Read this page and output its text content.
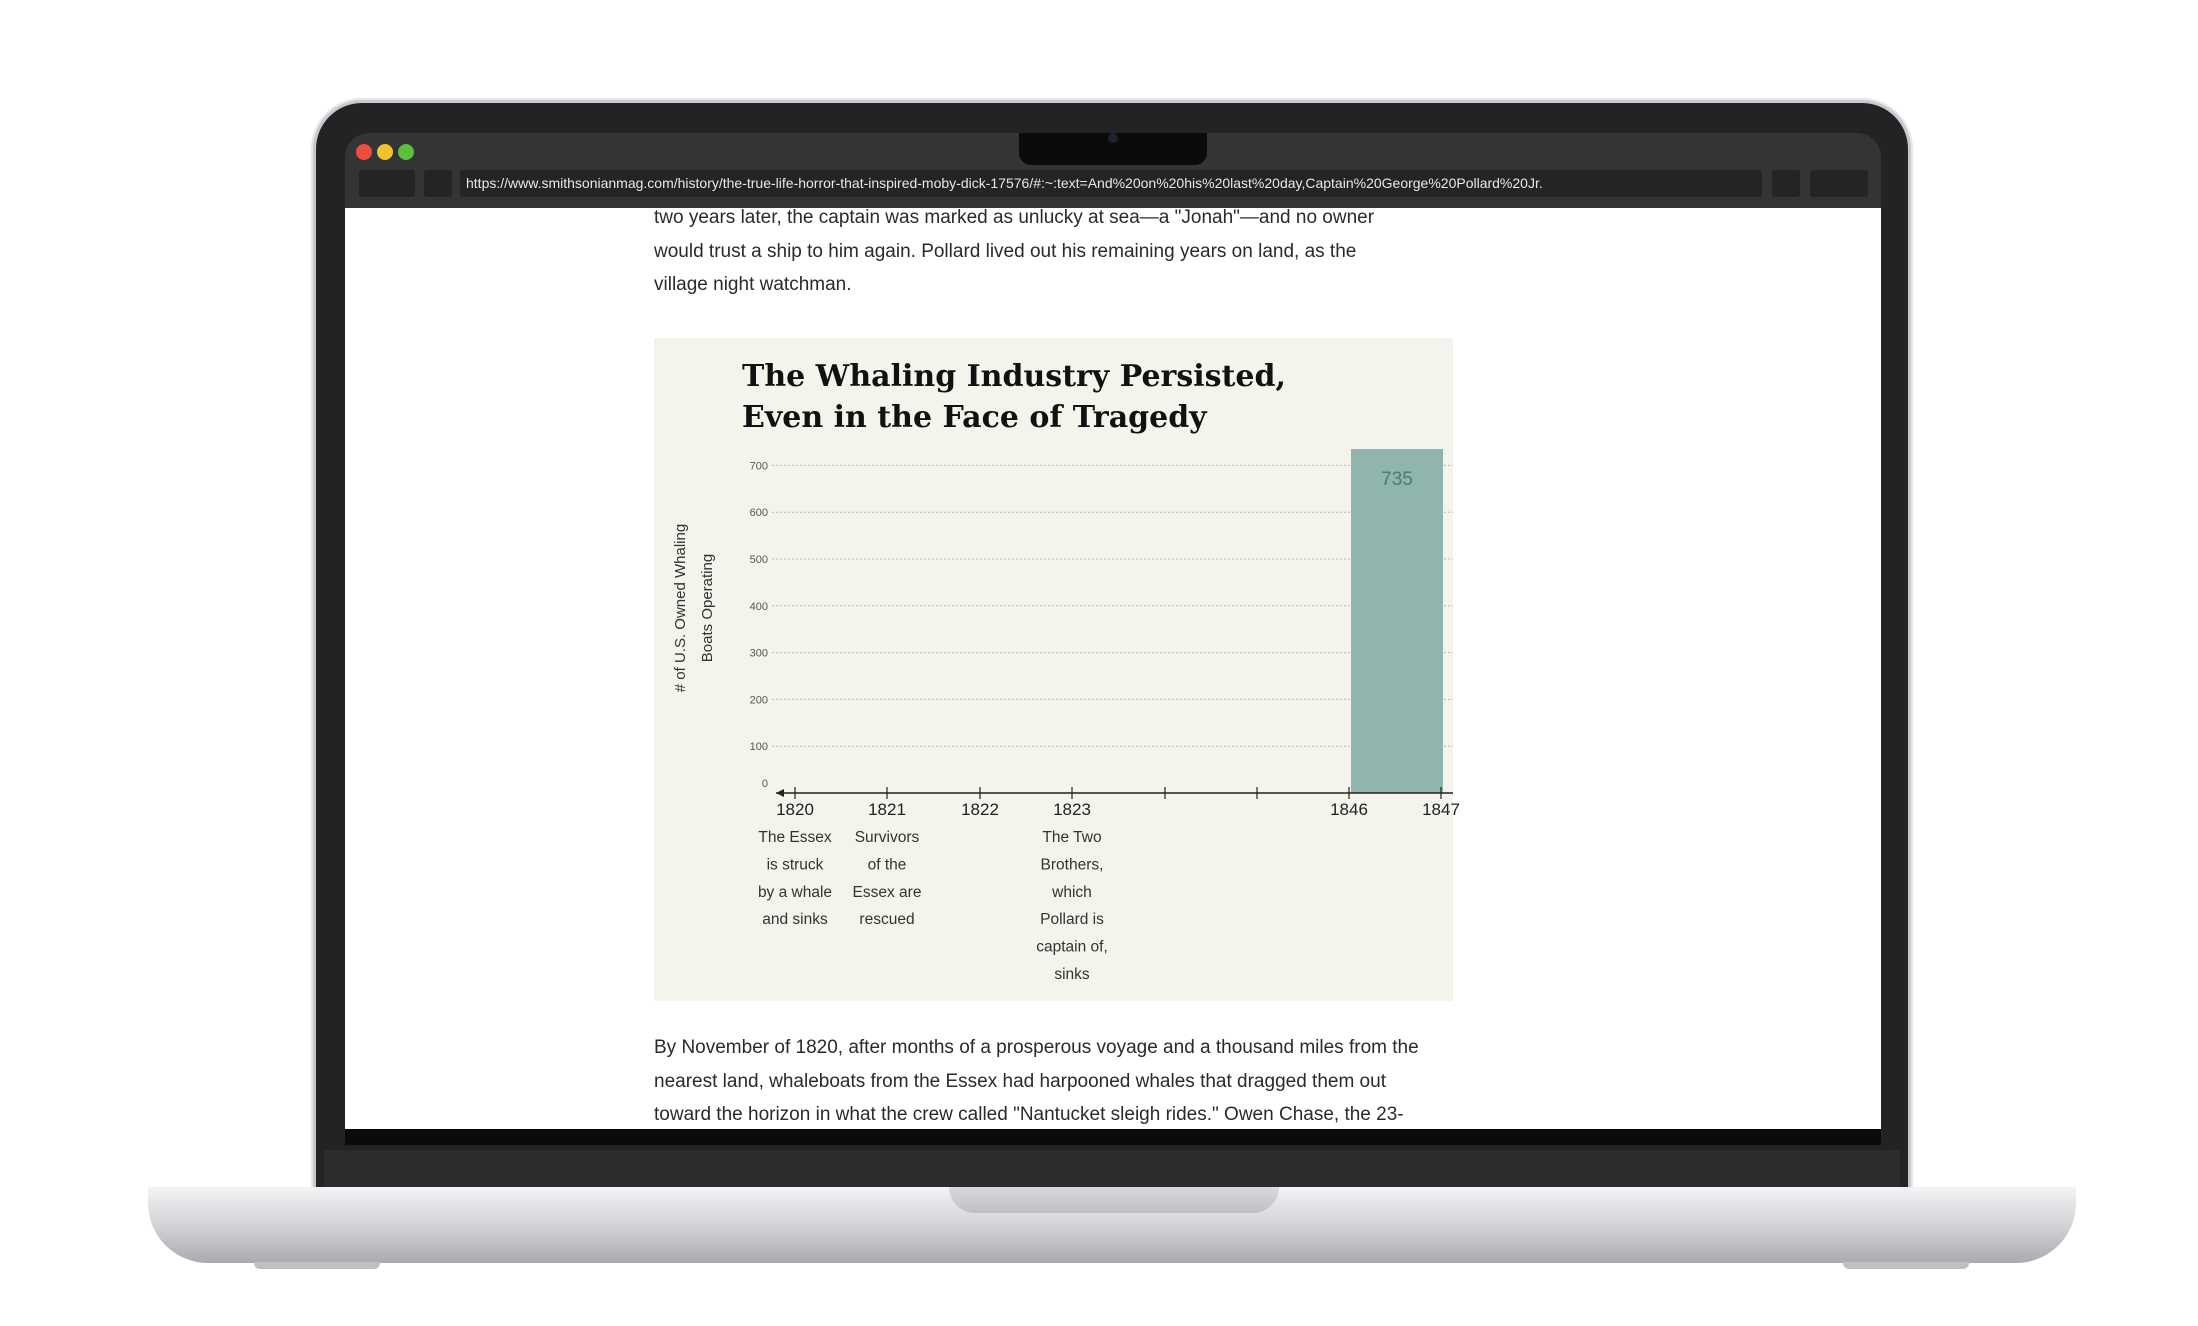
https://www.smithsonianmag.com/history/the-true-life-horror-that-inspired-moby-dick-17576/#:~:text=And%20on%20his%20last%20day,Captain%20George%20Pollard%20Jr.

two years later, the captain was marked as unlucky at sea—a "Jonah"—and no owner
would trust a ship to him again. Pollard lived out his remaining years on land, as the
village night watchman.

The Whaling Industry Persisted, Even in the Face of Tragedy
# of U.S. Owned Whaling Boats Operating
0
100
200
300
400
500
600
700
735
1820	1821	1822	1823	1846	1847
The Essex
is struck
by a whale
and sinks
Survivors
of the
Essex are
rescued
The Two
Brothers,
which
Pollard is
captain of,
sinks

By November of 1820, after months of a prosperous voyage and a thousand miles from the
nearest land, whaleboats from the Essex had harpooned whales that dragged them out
toward the horizon in what the crew called "Nantucket sleigh rides." Owen Chase, the 23-
